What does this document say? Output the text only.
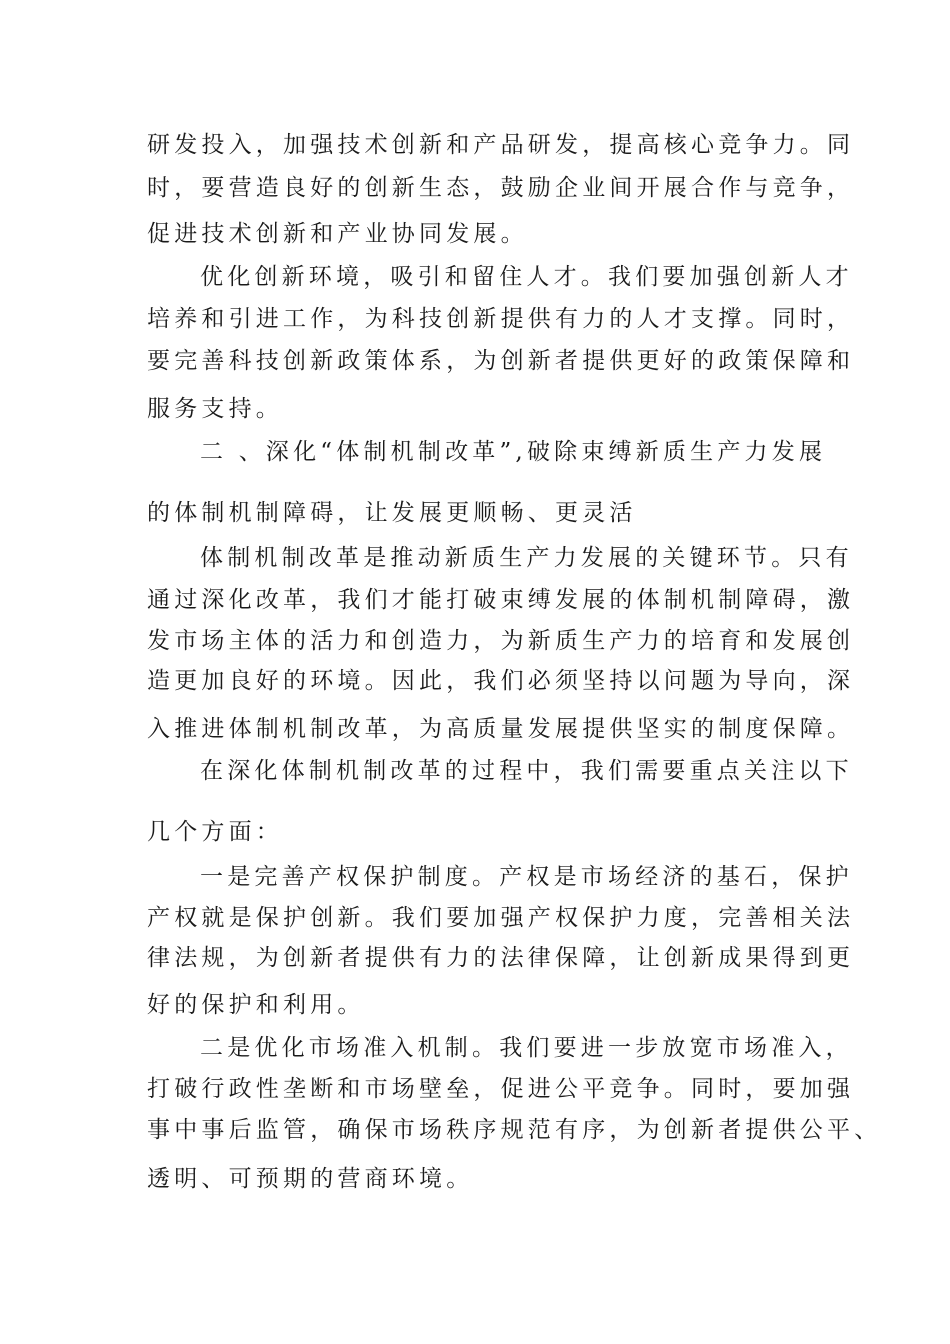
研发投入，加强技术创新和产品研发，提高核心竞争力。同
时，要营造良好的创新生态，鼓励企业间开展合作与竞争，
促进技术创新和产业协同发展。
优化创新环境，吸引和留住人才。我们要加强创新人才
培养和引进工作，为科技创新提供有力的人才支撑。同时，
要完善科技创新政策体系，为创新者提供更好的政策保障和
服务支持。
二 、深化“体制机制改革”,破除束缚新质生产力发展
的体制机制障碍，让发展更顺畅、更灵活
体制机制改革是推动新质生产力发展的关键环节。只有
通过深化改革，我们才能打破束缚发展的体制机制障碍，激
发市场主体的活力和创造力，为新质生产力的培育和发展创
造更加良好的环境。因此，我们必须坚持以问题为导向，深
入推进体制机制改革，为高质量发展提供坚实的制度保障。
在深化体制机制改革的过程中，我们需要重点关注以下
几个方面：
一是完善产权保护制度。产权是市场经济的基石，保护
产权就是保护创新。我们要加强产权保护力度，完善相关法
律法规，为创新者提供有力的法律保障，让创新成果得到更
好的保护和利用。
二是优化市场准入机制。我们要进一步放宽市场准入，
打破行政性垄断和市场壁垒，促进公平竞争。同时，要加强
事中事后监管，确保市场秩序规范有序，为创新者提供公平、
透明、可预期的营商环境。
